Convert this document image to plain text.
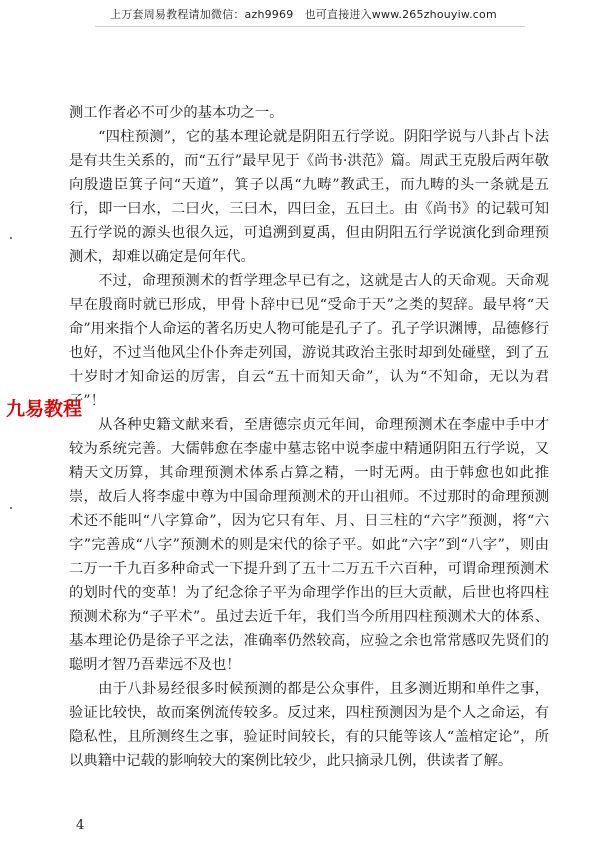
上万套周易教程请加微信：azh9969　也可直接进入www.265zhouyiw.com

测工作者必不可少的基本功之一。

　　“四柱预测”，它的基本理论就是阴阳五行学说。阴阳学说与八卦占卜法是有共生关系的，而“五行”最早见于《尚书·洪范》篇。周武王克殷后两年敬向殷遗臣箕子问“天道”，箕子以禹“九畴”教武王，而九畴的头一条就是五行，即一曰水，二曰火，三曰木，四曰金，五曰土。由《尚书》的记载可知五行学说的源头也很久远，可追溯到夏禹，但由阴阳五行学说演化到命理预测术，却难以确定是何年代。

　　不过，命理预测术的哲学理念早已有之，这就是古人的天命观。天命观早在殷商时就已形成，甲骨卜辞中已见“受命于天”之类的契辞。最早将“天命”用来指个人命运的著名历史人物可能是孔子了。孔子学识渊博，品德修行也好，不过当他风尘仆仆奔走列国，游说其政治主张时却到处碰壁，到了五十岁时才知命运的厉害，自云“五十而知天命”，认为“不知命，无以为君子”！

　　从各种史籍文献来看，至唐德宗贞元年间，命理预测术在李虚中手中才较为系统完善。大儒韩愈在李虚中墓志铭中说李虚中精通阴阳五行学说，又精天文历算，其命理预测术体系占算之精，一时无两。由于韩愈也如此推崇，故后人将李虚中尊为中国命理预测术的开山祖师。不过那时的命理预测术还不能叫“八字算命”，因为它只有年、月、日三柱的“六字”预测，将“六字”完善成“八字”预测术的则是宋代的徐子平。如此“六字”到“八字”，则由二万一千九百多种命式一下提升到了五十二万五千六百种，可谓命理预测术的划时代的变革！为了纪念徐子平为命理学作出的巨大贡献，后世也将四柱预测术称为“子平术”。虽过去近千年，我们当今所用四柱预测术大的体系、基本理论仍是徐子平之法，准确率仍然较高，应验之余也常常感叹先贤们的聪明才智乃吾辈远不及也！

　　由于八卦易经很多时候预测的都是公众事件，且多测近期和单件之事，验证比较快，故而案例流传较多。反过来，四柱预测因为是个人之命运，有隐私性，且所测终生之事，验证时间较长，有的只能等该人“盖棺定论”，所以典籍中记载的影响较大的案例比较少，此只摘录几例，供读者了解。

九易教程
4
